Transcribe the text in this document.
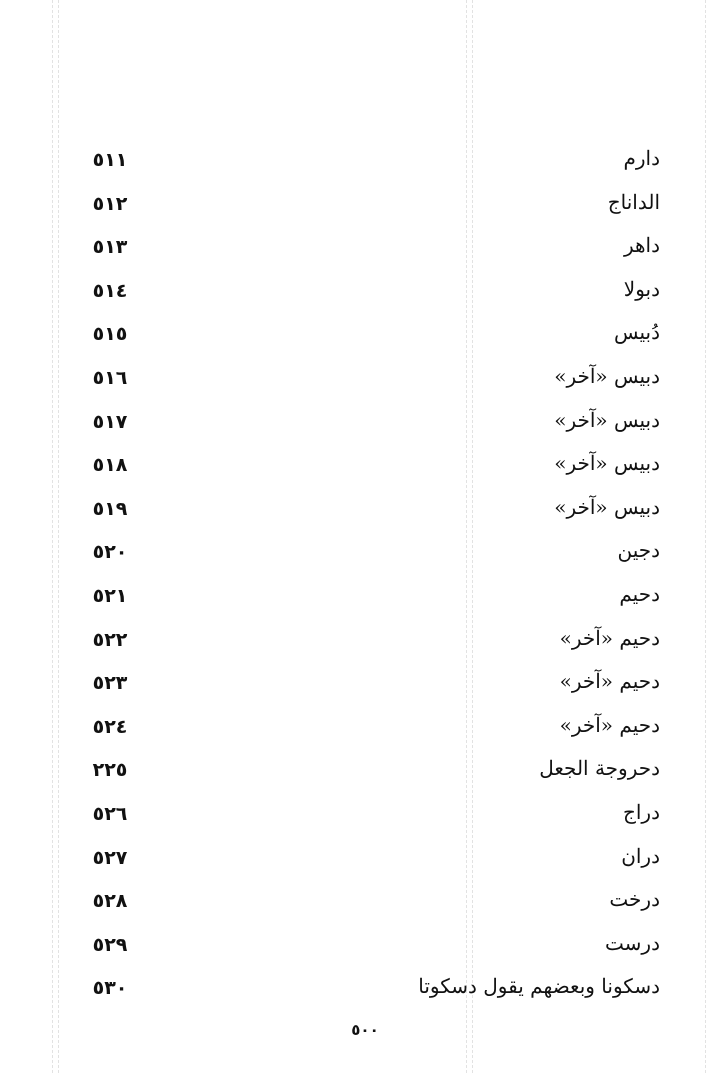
دارم
٥١١
الداناج
٥١٢
داهر
٥١٣
دبولا
٥١٤
دُبيس
٥١٥
دبيس «آخر»
٥١٦
دبيس «آخر»
٥١٧
دبيس «آخر»
٥١٨
دبيس «آخر»
٥١٩
دجين
٥٢٠
دحيم
٥٢١
دحيم «آخر»
٥٢٢
دحيم «آخر»
٥٢٣
دحيم «آخر»
٥٢٤
دحروجة الجعل
٢٢٥
دراج
٥٢٦
دران
٥٢٧
درخت
٥٢٨
درست
٥٢٩
دسكونا وبعضهم يقول دسكوتا
٥٣٠
٥٠٠
